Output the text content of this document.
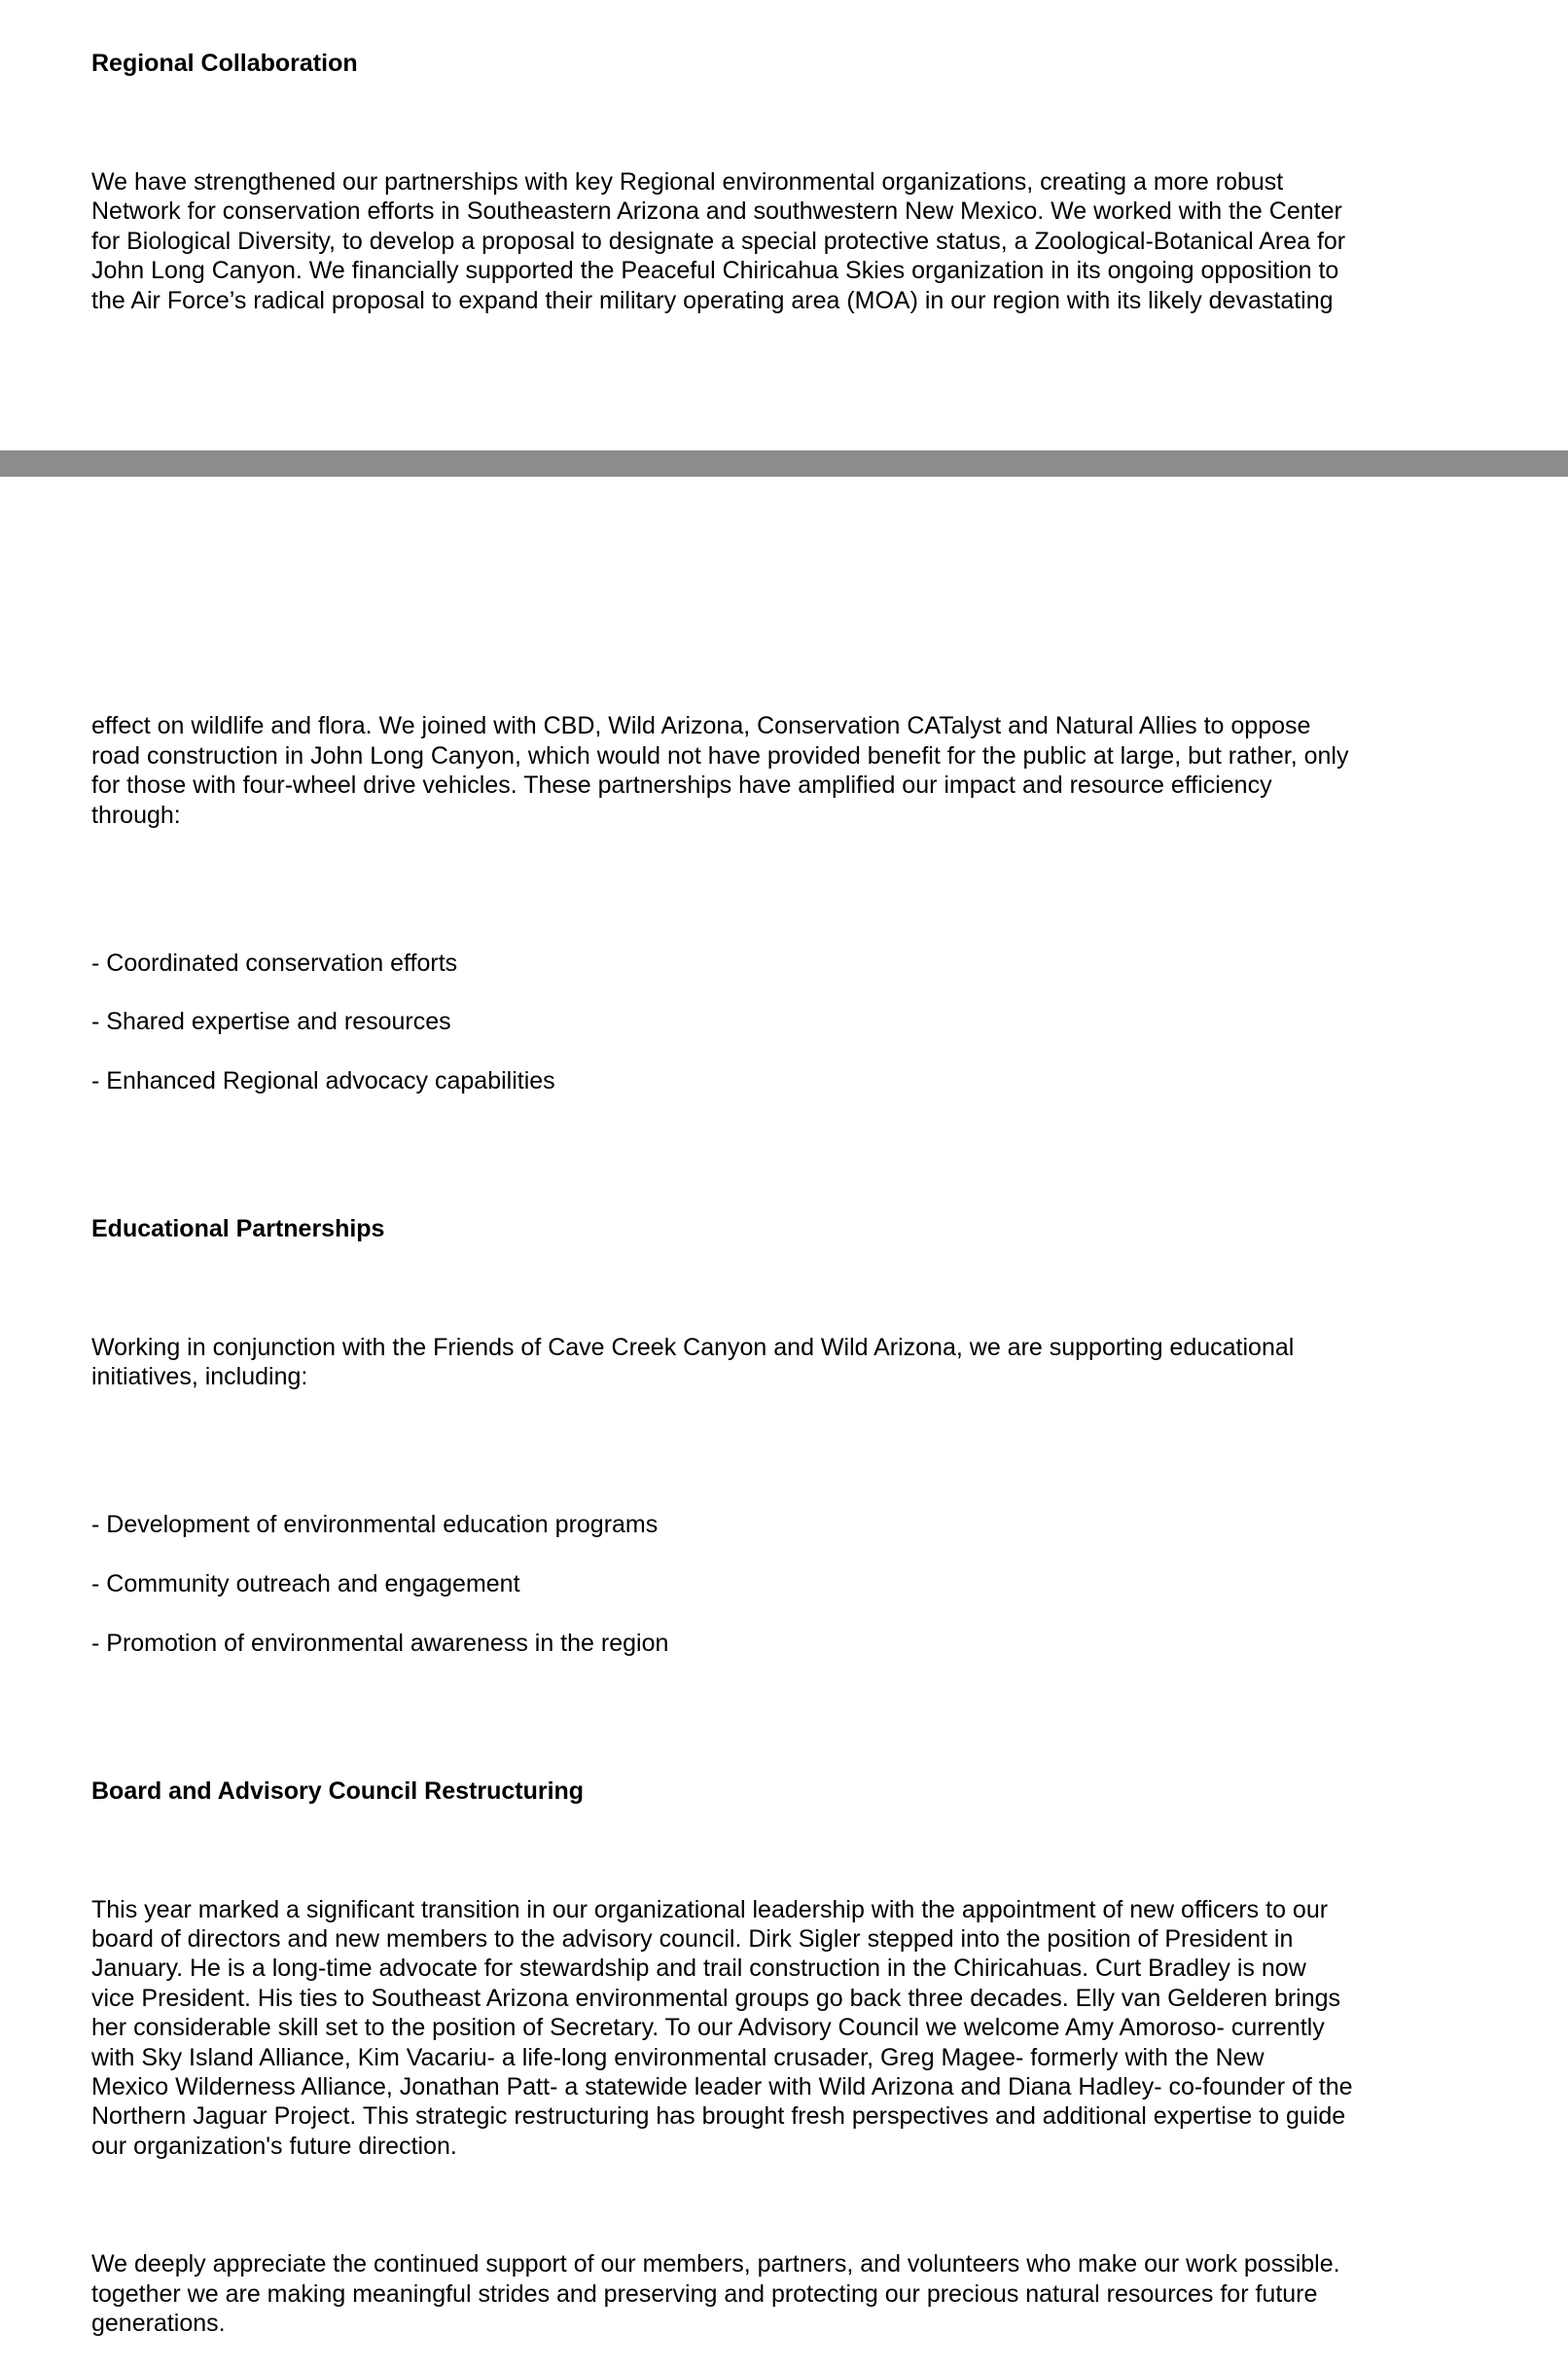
Regional Collaboration

We have strengthened our partnerships with key Regional environmental organizations, creating a more robust
Network for conservation efforts in Southeastern Arizona and southwestern New Mexico. We worked with the Center
for Biological Diversity, to develop a proposal to designate a special protective status, a Zoological-Botanical Area for
John Long Canyon. We financially supported the Peaceful Chiricahua Skies organization in its ongoing opposition to
the Air Force’s radical proposal to expand their military operating area (MOA) in our region with its likely devastating

effect on wildlife and flora. We joined with CBD, Wild Arizona, Conservation CATalyst and Natural Allies to oppose
road construction in John Long Canyon, which would not have provided benefit for the public at large, but rather, only
for those with four-wheel drive vehicles. These partnerships have amplified our impact and resource efficiency
through:

- Coordinated conservation efforts

- Shared expertise and resources

- Enhanced Regional advocacy capabilities

Educational Partnerships

Working in conjunction with the Friends of Cave Creek Canyon and Wild Arizona, we are supporting educational
initiatives, including:

- Development of environmental education programs

- Community outreach and engagement

- Promotion of environmental awareness in the region

Board and Advisory Council Restructuring

This year marked a significant transition in our organizational leadership with the appointment of new officers to our
board of directors and new members to the advisory council. Dirk Sigler stepped into the position of President in
January. He is a long-time advocate for stewardship and trail construction in the Chiricahuas. Curt Bradley is now
vice President. His ties to Southeast Arizona environmental groups go back three decades. Elly van Gelderen brings
her considerable skill set to the position of Secretary. To our Advisory Council we welcome Amy Amoroso- currently
with Sky Island Alliance, Kim Vacariu- a life-long environmental crusader, Greg Magee- formerly with the New
Mexico Wilderness Alliance, Jonathan Patt- a statewide leader with Wild Arizona and Diana Hadley- co-founder of the
Northern Jaguar Project. This strategic restructuring has brought fresh perspectives and additional expertise to guide
our organization's future direction.

We deeply appreciate the continued support of our members, partners, and volunteers who make our work possible.
together we are making meaningful strides and preserving and protecting our precious natural resources for future
generations.
